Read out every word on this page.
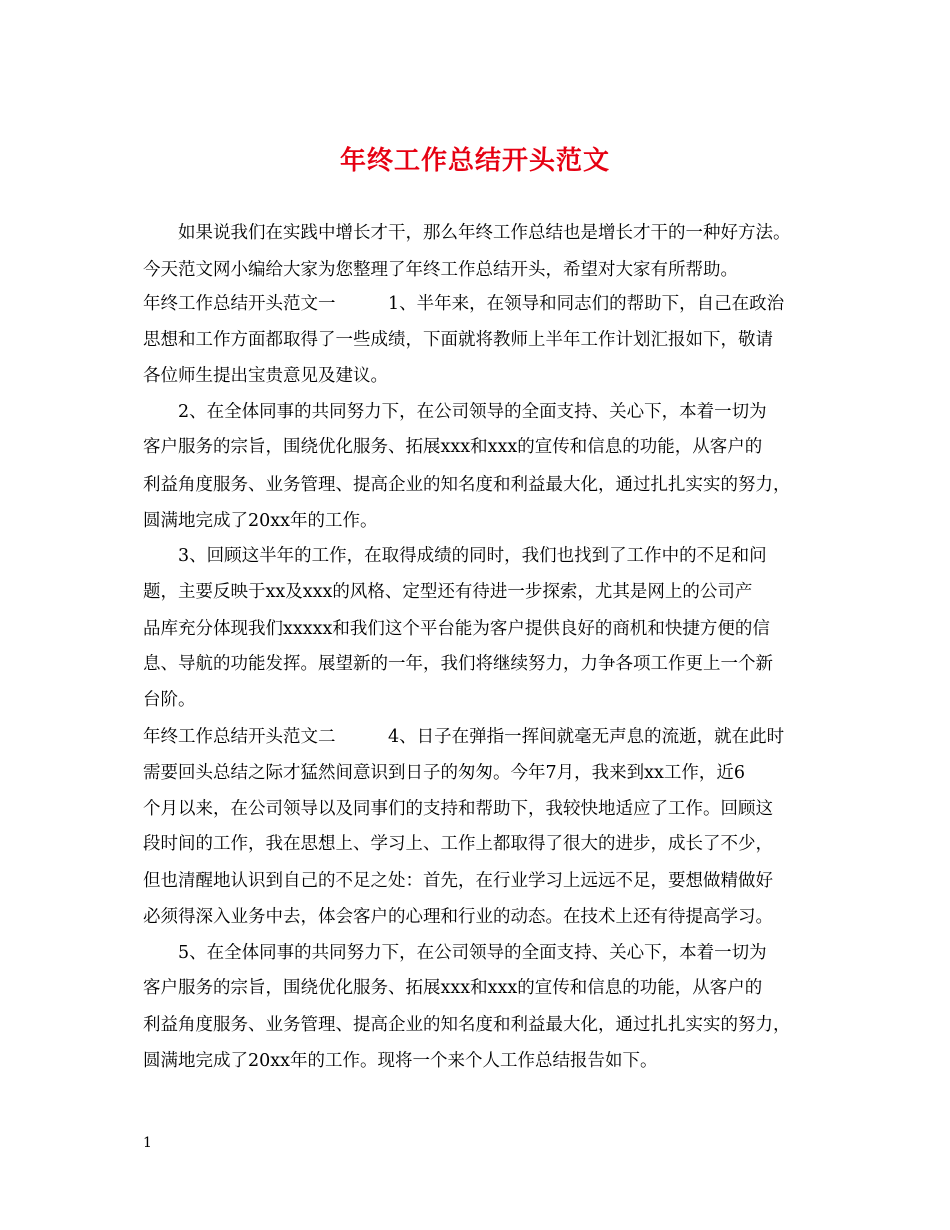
年终工作总结开头范文
　　如果说我们在实践中增长才干，那么年终工作总结也是增长才干的一种好方法。
今天范文网小编给大家为您整理了年终工作总结开头，希望对大家有所帮助。
年终工作总结开头范文一　　　1、半年来，在领导和同志们的帮助下，自己在政治
思想和工作方面都取得了一些成绩，下面就将教师上半年工作计划汇报如下，敬请
各位师生提出宝贵意见及建议。
　　2、在全体同事的共同努力下，在公司领导的全面支持、关心下，本着一切为
客户服务的宗旨，围绕优化服务、拓展xxx和xxx的宣传和信息的功能，从客户的
利益角度服务、业务管理、提高企业的知名度和利益最大化，通过扎扎实实的努力，
圆满地完成了20xx年的工作。
　　3、回顾这半年的工作，在取得成绩的同时，我们也找到了工作中的不足和问
题，主要反映于xx及xxx的风格、定型还有待进一步探索，尤其是网上的公司产
品库充分体现我们xxxxx和我们这个平台能为客户提供良好的商机和快捷方便的信
息、导航的功能发挥。展望新的一年，我们将继续努力，力争各项工作更上一个新
台阶。
年终工作总结开头范文二　　　4、日子在弹指一挥间就毫无声息的流逝，就在此时
需要回头总结之际才猛然间意识到日子的匆匆。今年7月，我来到xx工作，近6
个月以来，在公司领导以及同事们的支持和帮助下，我较快地适应了工作。回顾这
段时间的工作，我在思想上、学习上、工作上都取得了很大的进步，成长了不少，
但也清醒地认识到自己的不足之处：首先，在行业学习上远远不足，要想做精做好
必须得深入业务中去，体会客户的心理和行业的动态。在技术上还有待提高学习。
　　5、在全体同事的共同努力下，在公司领导的全面支持、关心下，本着一切为
客户服务的宗旨，围绕优化服务、拓展xxx和xxx的宣传和信息的功能，从客户的
利益角度服务、业务管理、提高企业的知名度和利益最大化，通过扎扎实实的努力，
圆满地完成了20xx年的工作。现将一个来个人工作总结报告如下。
1
